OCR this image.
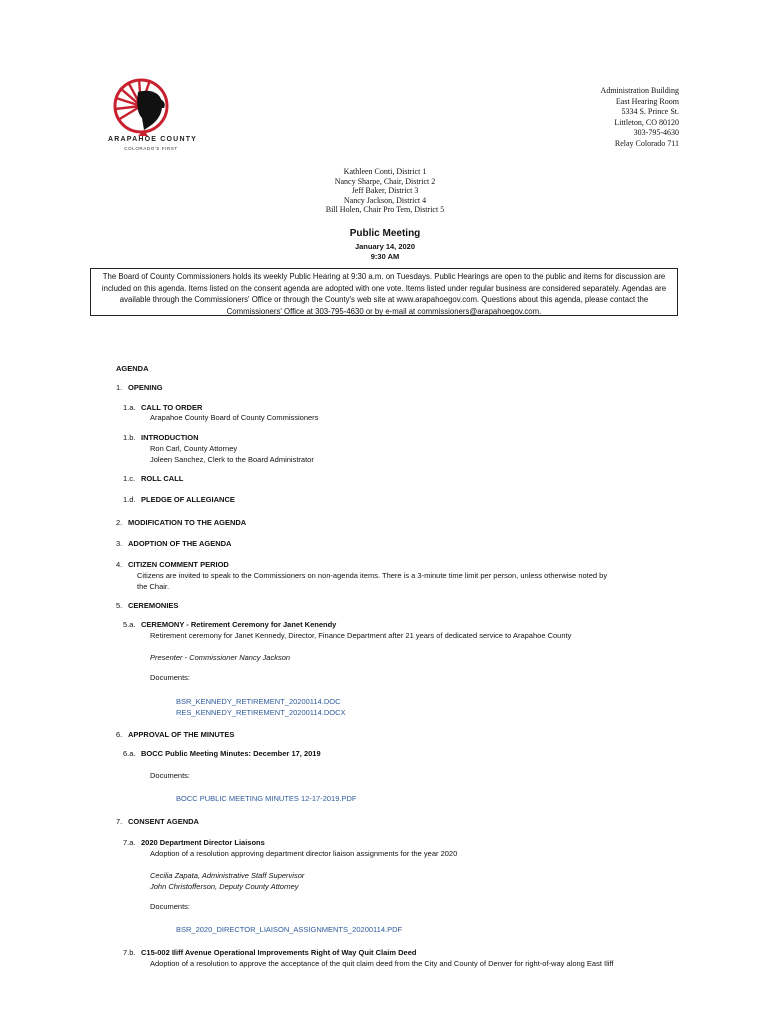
ARAPAHOE COUNTY
COLORADO'S FIRST
Administration Building
East Hearing Room
5334 S. Prince St.
Littleton, CO 80120
303-795-4630
Relay Colorado 711
Kathleen Conti, District 1
Nancy Sharpe, Chair, District 2
Jeff Baker, District 3
Nancy Jackson, District 4
Bill Holen, Chair Pro Tem, District 5
Public Meeting
January 14, 2020
9:30 AM
The Board of County Commissioners holds its weekly Public Hearing at 9:30 a.m. on Tuesdays. Public Hearings are open to the public and items for discussion are included on this agenda. Items listed on the consent agenda are adopted with one vote. Items listed under regular business are considered separately. Agendas are available through the Commissioners' Office or through the County's web site at www.arapahoegov.com. Questions about this agenda, please contact the Commissioners' Office at 303-795-4630 or by e-mail at commissioners@arapahoegov.com.
AGENDA
1. OPENING
1.a. CALL TO ORDER
Arapahoe County Board of County Commissioners
1.b. INTRODUCTION
Ron Carl, County Attorney
Joleen Sanchez, Clerk to the Board Administrator
1.c. ROLL CALL
1.d. PLEDGE OF ALLEGIANCE
2. MODIFICATION TO THE AGENDA
3. ADOPTION OF THE AGENDA
4. CITIZEN COMMENT PERIOD
Citizens are invited to speak to the Commissioners on non-agenda items. There is a 3-minute time limit per person, unless otherwise noted by
the Chair.
5. CEREMONIES
5.a. CEREMONY - Retirement Ceremony for Janet Kenendy
Retirement ceremony for Janet Kennedy, Director, Finance Department after 21 years of dedicated service to Arapahoe County
Presenter - Commissioner Nancy Jackson
Documents:
BSR_KENNEDY_RETIREMENT_20200114.DOC
RES_KENNEDY_RETIREMENT_20200114.DOCX
6. APPROVAL OF THE MINUTES
6.a. BOCC Public Meeting Minutes: December 17, 2019
Documents:
BOCC PUBLIC MEETING MINUTES 12-17-2019.PDF
7. CONSENT AGENDA
7.a. 2020 Department Director Liaisons
Adoption of a resolution approving department director liaison assignments for the year 2020
Cecilia Zapata, Administrative Staff Supervisor
John Christofferson, Deputy County Attorney
Documents:
BSR_2020_DIRECTOR_LIAISON_ASSIGNMENTS_20200114.PDF
7.b. C15-002 Iliff Avenue Operational Improvements Right of Way Quit Claim Deed
Adoption of a resolution to approve the acceptance of the quit claim deed from the City and County of Denver for right-of-way along East Iliff
